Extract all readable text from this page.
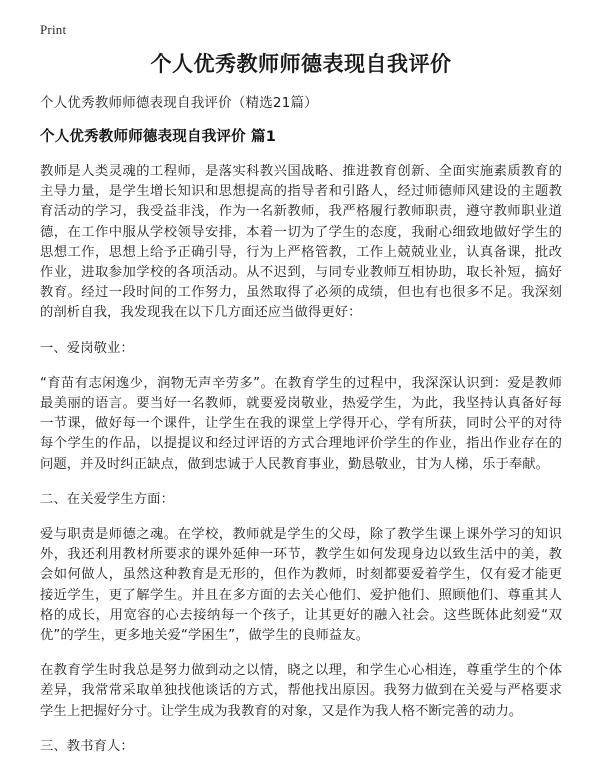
Print
个人优秀教师师德表现自我评价

个人优秀教师师德表现自我评价（精选21篇）

个人优秀教师师德表现自我评价 篇1

教师是人类灵魂的工程师，是落实科教兴国战略、推进教育创新、全面实施素质教育的主导力量，是学生增长知识和思想提高的指导者和引路人，经过师德师风建设的主题教育活动的学习，我受益非浅，作为一名新教师，我严格履行教师职责，遵守教师职业道德，在工作中服从学校领导安排，本着一切为了学生的态度，我耐心细致地做好学生的思想工作，思想上给予正确引导，行为上严格管教，工作上兢兢业业，认真备课，批改作业，进取参加学校的各项活动。从不迟到，与同专业教师互相协助，取长补短，搞好教育。经过一段时间的工作努力，虽然取得了必须的成绩，但也有也很多不足。我深刻的剖析自我，我发现我在以下几方面还应当做得更好：

一、爱岗敬业：

“育苗有志闲逸少，润物无声辛劳多”。在教育学生的过程中，我深深认识到：爱是教师最美丽的语言。要当好一名教师，就要爱岗敬业，热爱学生，为此，我坚持认真备好每一节课，做好每一个课件，让学生在我的课堂上学得开心，学有所获，同时公平的对待每个学生的作品，以提提议和经过评语的方式合理地评价学生的作业，指出作业存在的问题，并及时纠正缺点，做到忠诚于人民教育事业，勤恳敬业，甘为人梯，乐于奉献。

二、在关爱学生方面：

爱与职责是师德之魂。在学校，教师就是学生的父母，除了教学生课上课外学习的知识外，我还利用教材所要求的课外延伸一环节，教学生如何发现身边以致生活中的美，教会如何做人，虽然这种教育是无形的，但作为教师，时刻都要爱着学生，仅有爱才能更接近学生，更了解学生。并且在多方面的去关心他们、爱护他们、照顾他们、尊重其人格的成长，用宽容的心去接纳每一个孩子，让其更好的融入社会。这些既体此刻爱“双优”的学生，更多地关爱“学困生”，做学生的良师益友。

在教育学生时我总是努力做到动之以情，晓之以理，和学生心心相连，尊重学生的个体差异，我常常采取单独找他谈话的方式，帮他找出原因。我努力做到在关爱与严格要求学生上把握好分寸。让学生成为我教育的对象，又是作为我人格不断完善的动力。

三、教书育人：
